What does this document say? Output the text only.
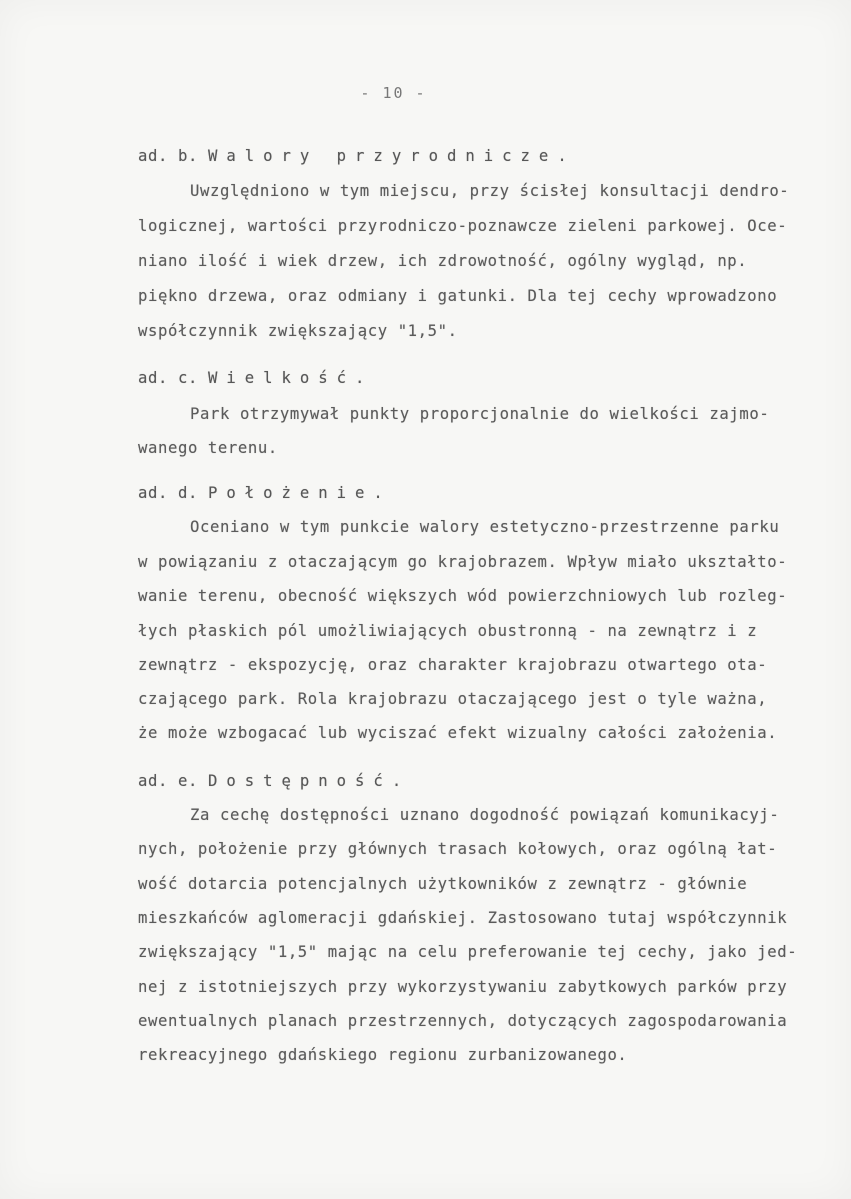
- 10 -
ad. b. Walory przyrodnicze.
Uwzględniono w tym miejscu, przy ścisłej konsultacji dendro-
logicznej, wartości przyrodniczo-poznawcze zieleni parkowej. Oce-
niano ilość i wiek drzew, ich zdrowotność, ogólny wygląd, np.
piękno drzewa, oraz odmiany i gatunki. Dla tej cechy wprowadzono
współczynnik zwiększający "1,5".
ad. c. Wielkość.
Park otrzymywał punkty proporcjonalnie do wielkości zajmo-
wanego terenu.
ad. d. Położenie.
Oceniano w tym punkcie walory estetyczno-przestrzenne parku
w powiązaniu z otaczającym go krajobrazem. Wpływ miało ukształto-
wanie terenu, obecność większych wód powierzchniowych lub rozleg-
łych płaskich pól umożliwiających obustronną - na zewnątrz i z
zewnątrz - ekspozycję, oraz charakter krajobrazu otwartego ota-
czającego park. Rola krajobrazu otaczającego jest o tyle ważna,
że może wzbogacać lub wyciszać efekt wizualny całości założenia.
ad. e. Dostępność.
Za cechę dostępności uznano dogodność powiązań komunikacyj-
nych, położenie przy głównych trasach kołowych, oraz ogólną łat-
wość dotarcia potencjalnych użytkowników z zewnątrz - głównie
mieszkańców aglomeracji gdańskiej. Zastosowano tutaj współczynnik
zwiększający "1,5" mając na celu preferowanie tej cechy, jako jed-
nej z istotniejszych przy wykorzystywaniu zabytkowych parków przy
ewentualnych planach przestrzennych, dotyczących zagospodarowania
rekreacyjnego gdańskiego regionu zurbanizowanego.
